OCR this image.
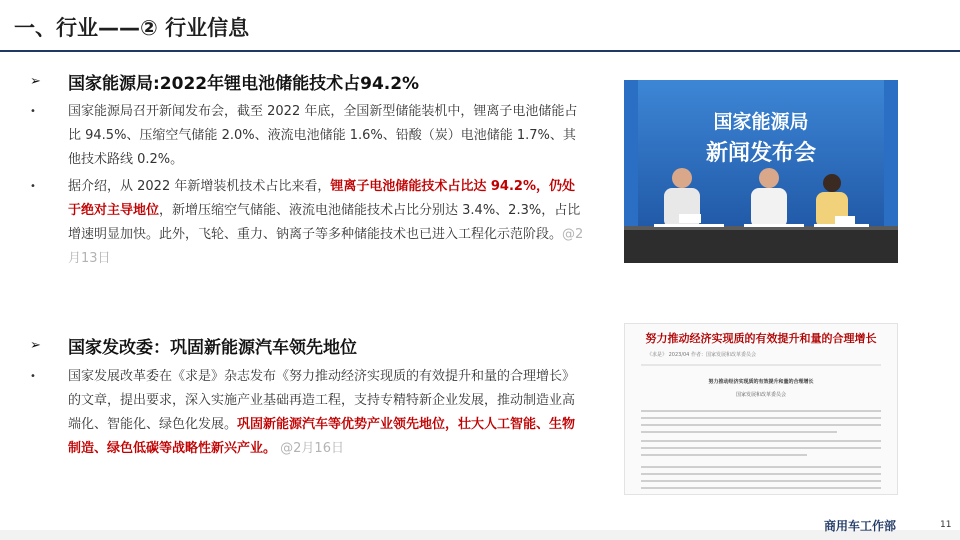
一、行业——② 行业信息
➢	国家能源局:2022年锂电池储能技术占94.2%
• 国家能源局召开新闻发布会，截至 2022 年底，全国新型储能装机中，锂离子电池储能占比 94.5%、压缩空气储能 2.0%、液流电池储能 1.6%、铅酸（炭）电池储能 1.7%、其他技术路线 0.2%。
• 据介绍，从 2022 年新增装机技术占比来看，锂离子电池储能技术占比达 94.2%，仍处于绝对主导地位，新增压缩空气储能、液流电池储能技术占比分别达 3.4%、2.3%，占比增速明显加快。此外，飞轮、重力、钠离子等多种储能技术也已进入工程化示范阶段。@2月13日
国家能源局
新闻发布会
➢	国家发改委：巩固新能源汽车领先地位
• 国家发展改革委在《求是》杂志发布《努力推动经济实现质的有效提升和量的合理增长》的文章，提出要求，深入实施产业基础再造工程，支持专精特新企业发展，推动制造业高端化、智能化、绿色化发展。巩固新能源汽车等优势产业领先地位，壮大人工智能、生物制造、绿色低碳等战略性新兴产业。 @2月16日
努力推动经济实现质的有效提升和量的合理增长
《求是》 2023/04 作者：国家发展和改革委员会
努力推动经济实现质的有效提升和量的合理增长
国家发展和改革委员会
商用车工作部	11
